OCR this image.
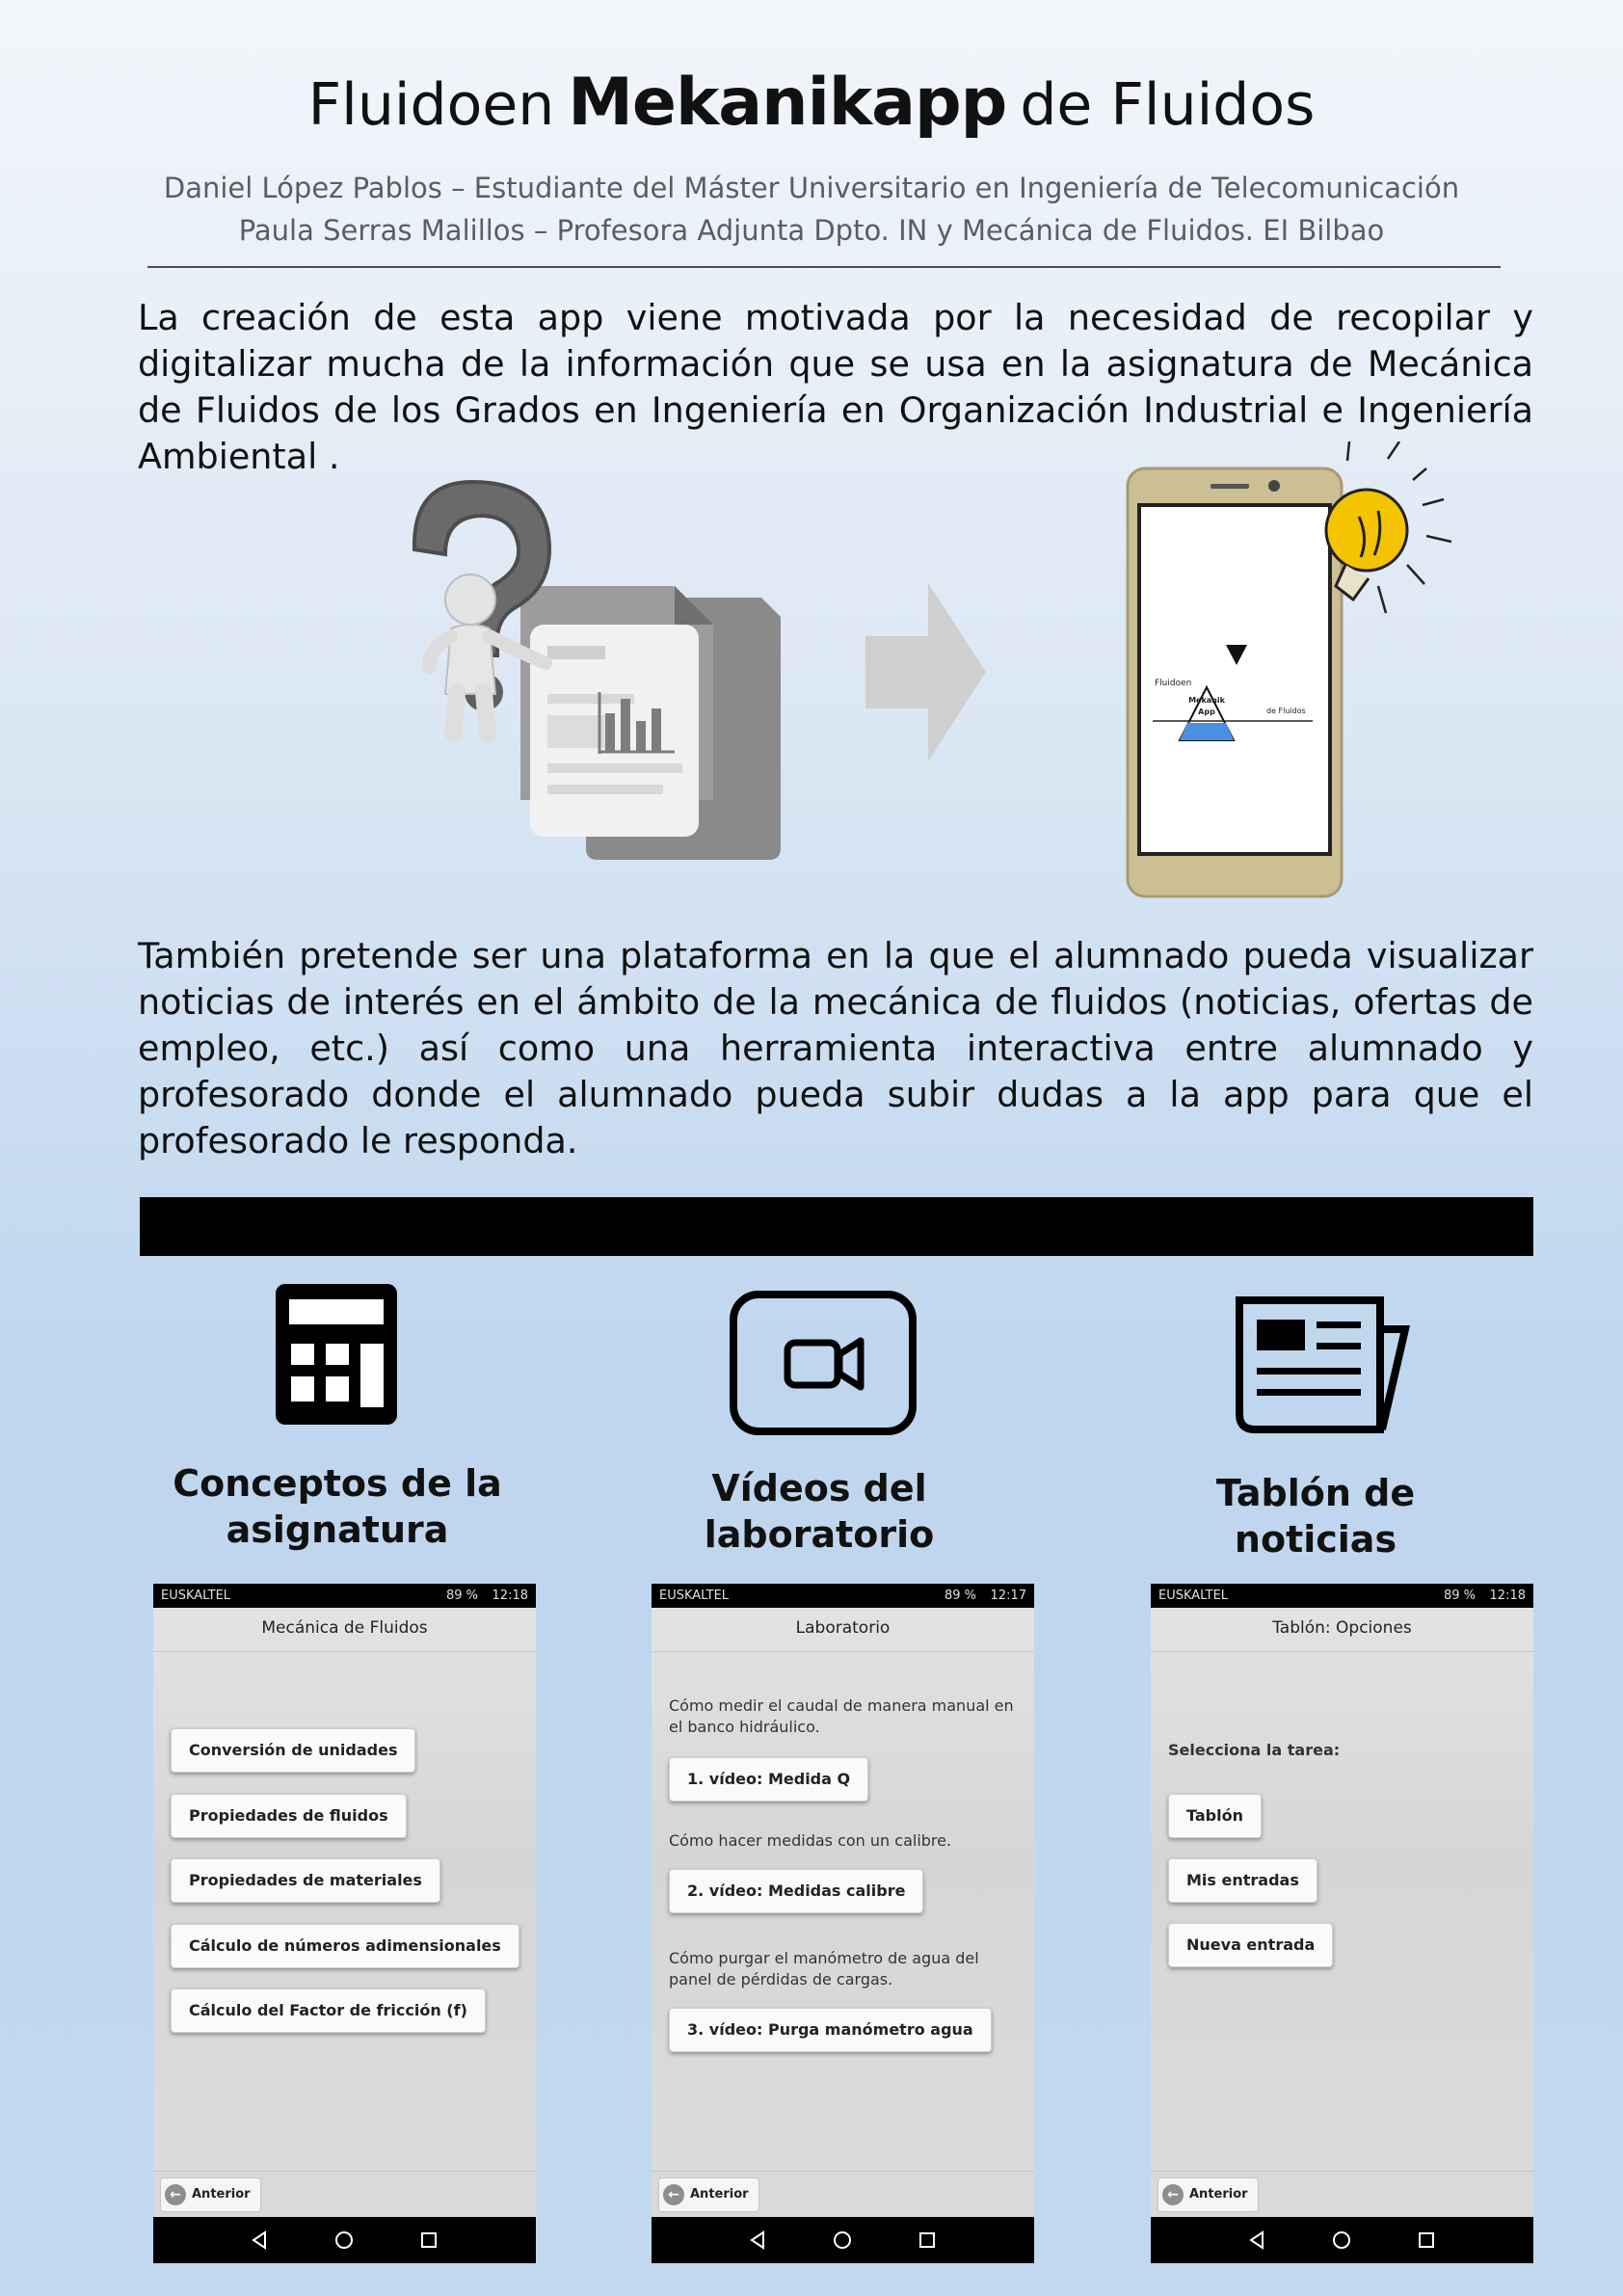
Fluidoen Mekanikapp de Fluidos
Daniel López Pablos – Estudiante del Máster Universitario en Ingeniería de Telecomunicación
Paula Serras Malillos – Profesora Adjunta Dpto. IN y Mecánica de Fluidos. EI Bilbao

La creación de esta app viene motivada por la necesidad de recopilar y digitalizar mucha de la información que se usa en la asignatura de Mecánica de Fluidos de los Grados en Ingeniería en Organización Industrial e Ingeniería Ambiental .

Fluidoen
Mekanik
App	de Fluidos

También pretende ser una plataforma en la que el alumnado pueda visualizar noticias de interés en el ámbito de la mecánica de fluidos (noticias, ofertas de empleo, etc.) así como una herramienta interactiva entre alumnado y profesorado donde el alumnado pueda subir dudas a la app para que el profesorado le responda.

Conceptos de la asignatura
Vídeos del laboratorio
Tablón de noticias
EUSKALTEL	89 % 12:18
Mecánica de Fluidos
Conversión de unidades
Propiedades de fluidos
Propiedades de materiales
Cálculo de números adimensionales
Cálculo del Factor de fricción (f)
← Anterior
EUSKALTEL	89 % 12:17
Laboratorio
Cómo medir el caudal de manera manual en el banco hidráulico.
1. vídeo: Medida Q
Cómo hacer medidas con un calibre.
2. vídeo: Medidas calibre
Cómo purgar el manómetro de agua del panel de pérdidas de cargas.
3. vídeo: Purga manómetro agua
← Anterior
EUSKALTEL	89 % 12:18
Tablón: Opciones
Selecciona la tarea:
Tablón
Mis entradas
Nueva entrada
← Anterior
